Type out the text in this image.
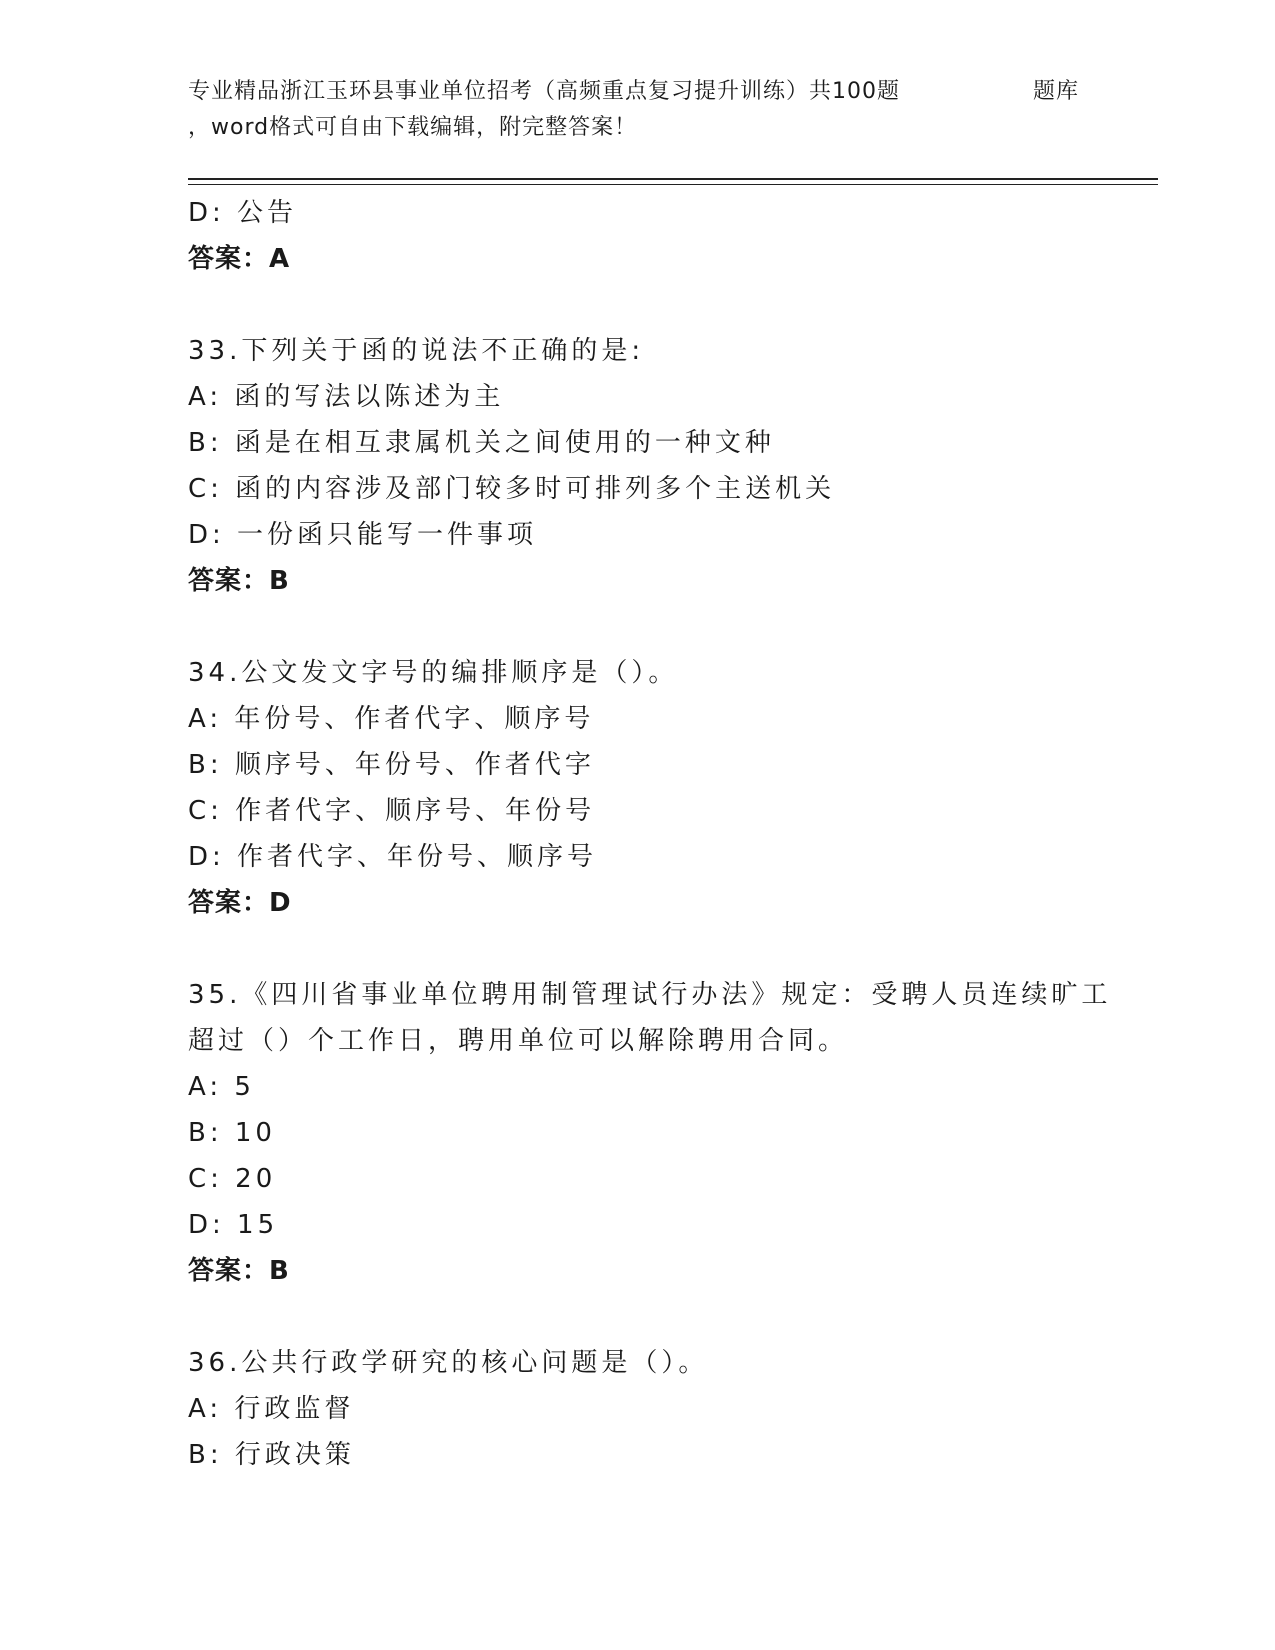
专业精品浙江玉环县事业单位招考（高频重点复习提升训练）共100题	题库
，word格式可自由下载编辑，附完整答案！
D: 公告
答案：A
33.下列关于函的说法不正确的是:
A: 函的写法以陈述为主
B: 函是在相互隶属机关之间使用的一种文种
C: 函的内容涉及部门较多时可排列多个主送机关
D: 一份函只能写一件事项
答案：B
34.公文发文字号的编排顺序是（）。
A: 年份号、作者代字、顺序号
B: 顺序号、年份号、作者代字
C: 作者代字、顺序号、年份号
D: 作者代字、年份号、顺序号
答案：D
35.《四川省事业单位聘用制管理试行办法》规定：受聘人员连续旷工
超过（）个工作日，聘用单位可以解除聘用合同。
A: 5
B: 10
C: 20
D: 15
答案：B
36.公共行政学研究的核心问题是（）。
A: 行政监督
B: 行政决策
